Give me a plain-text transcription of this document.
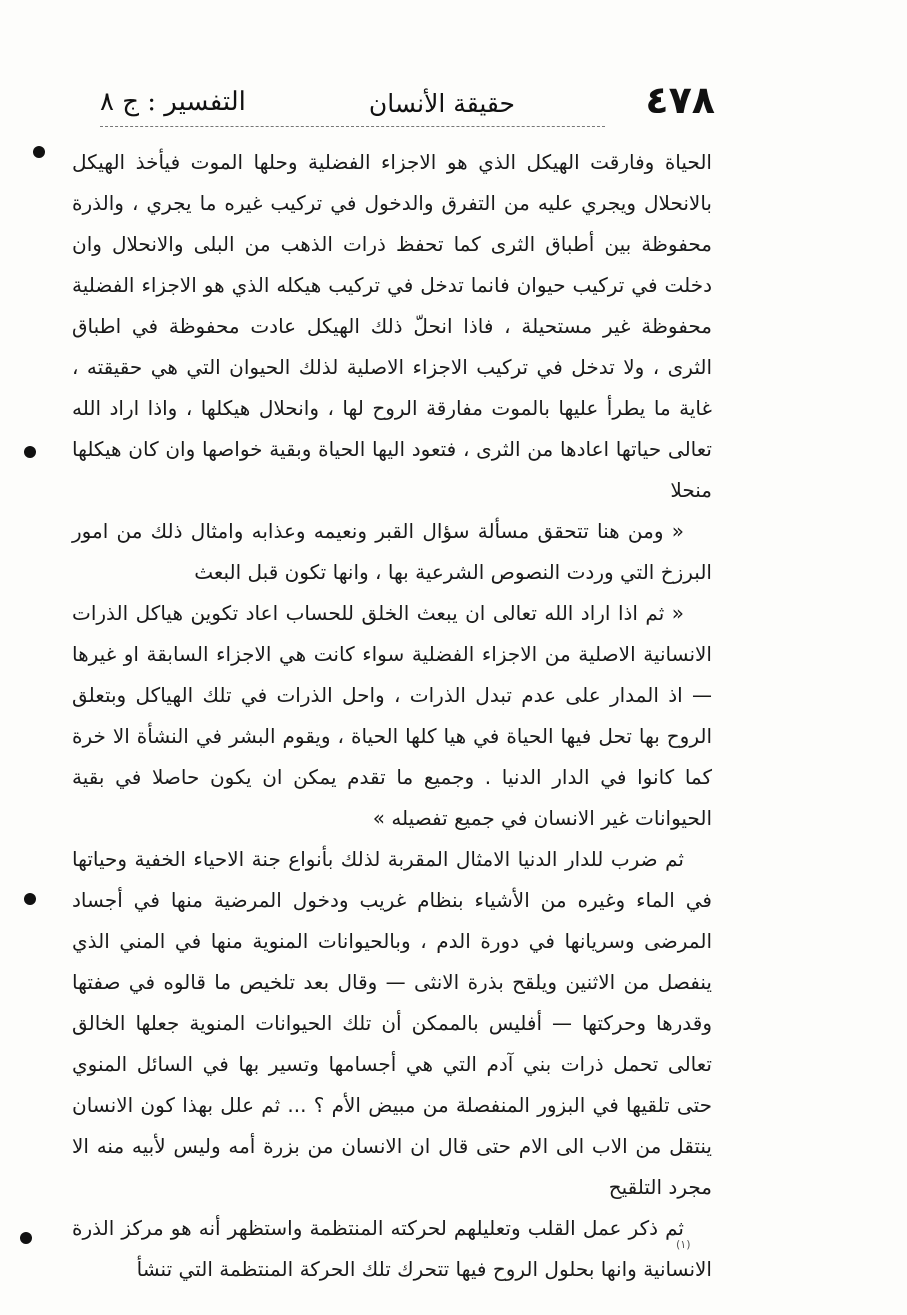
٤٧٨
حقيقة الأنسان
التفسير : ج ٨

الحياة وفارقت الهيكل الذي هو الاجزاء الفضلية وحلها الموت فيأخذ الهيكل بالانحلال ويجري عليه من التفرق والدخول في تركيب غيره ما يجري ، والذرة محفوظة بين أطباق الثرى كما تحفظ ذرات الذهب من البلى والانحلال وان دخلت في تركيب حيوان فانما تدخل في تركيب هيكله الذي هو الاجزاء الفضلية محفوظة غير مستحيلة ، فاذا انحلّ ذلك الهيكل عادت محفوظة في اطباق الثرى ، ولا تدخل في تركيب الاجزاء الاصلية لذلك الحيوان التي هي حقيقته ، غاية ما يطرأ عليها بالموت مفارقة الروح لها ، وانحلال هيكلها ، واذا اراد الله تعالى حياتها اعادها من الثرى ، فتعود اليها الحياة وبقية خواصها وان كان هيكلها منحلا

« ومن هنا تتحقق مسألة سؤال القبر ونعيمه وعذابه وامثال ذلك من امور البرزخ التي وردت النصوص الشرعية بها ، وانها تكون قبل البعث

« ثم اذا اراد الله تعالى ان يبعث الخلق للحساب اعاد تكوين هياكل الذرات الانسانية الاصلية من الاجزاء الفضلية سواء كانت هي الاجزاء السابقة او غيرها — اذ المدار على عدم تبدل الذرات ، واحل الذرات في تلك الهياكل وبتعلق الروح بها تحل فيها الحياة في هيا كلها الحياة ، ويقوم البشر في النشأة الا خرة كما كانوا في الدار الدنيا . وجميع ما تقدم يمكن ان يكون حاصلا في بقية الحيوانات غير الانسان في جميع تفصيله »

ثم ضرب للدار الدنيا الامثال المقربة لذلك بأنواع جنة الاحياء الخفية وحياتها في الماء وغيره من الأشياء بنظام غريب ودخول المرضية منها في أجساد المرضى وسريانها في دورة الدم ، وبالحيوانات المنوية منها في المني الذي ينفصل من الاثنين ويلقح بذرة الانثى — وقال بعد تلخيص ما قالوه في صفتها وقدرها وحركتها — أفليس بالممكن أن تلك الحيوانات المنوية جعلها الخالق تعالى تحمل ذرات بني آدم التي هي أجسامها وتسير بها في السائل المنوي حتى تلقيها في البزور المنفصلة من مبيض الأم ؟ ... ثم علل بهذا كون الانسان ينتقل من الاب الى الام حتى قال ان الانسان من بزرة أمه وليس لأبيه منه الا مجرد التلقيح

ثم ذكر عمل القلب وتعليلهم لحركته المنتظمة واستظهر أنه هو مركز الذرة الانسانية وانها بحلول الروح فيها تتحرك تلك الحركة المنتظمة التي تنشأ

(١)
